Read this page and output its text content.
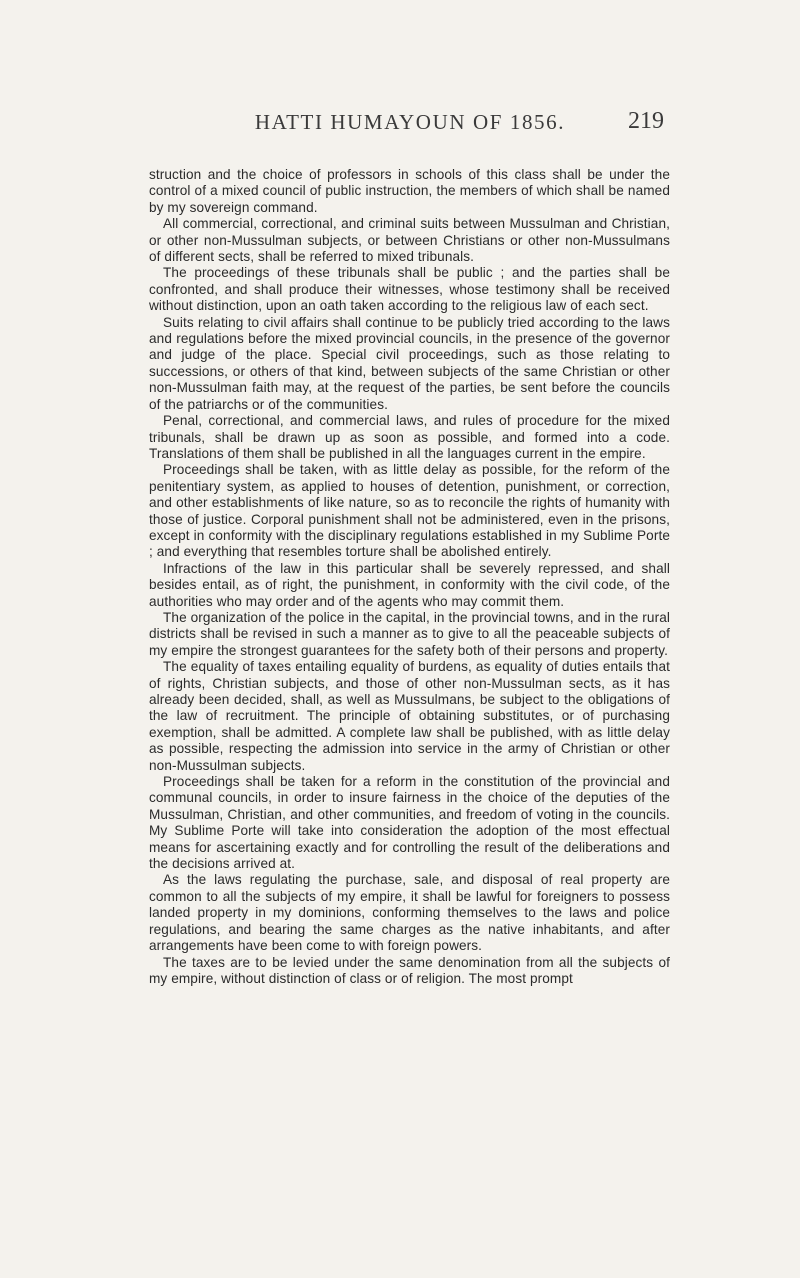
HATTI HUMAYOUN OF 1856.	219

struction and the choice of professors in schools of this class shall be under the control of a mixed council of public instruction, the members of which shall be named by my sovereign command.

All commercial, correctional, and criminal suits between Mussulman and Christian, or other non-Mussulman subjects, or between Christians or other non-Mussulmans of different sects, shall be referred to mixed tribunals.

The proceedings of these tribunals shall be public ; and the parties shall be confronted, and shall produce their witnesses, whose testimony shall be received without distinction, upon an oath taken according to the religious law of each sect.

Suits relating to civil affairs shall continue to be publicly tried according to the laws and regulations before the mixed provincial councils, in the presence of the governor and judge of the place. Special civil proceedings, such as those relating to successions, or others of that kind, between subjects of the same Christian or other non-Mussulman faith may, at the request of the parties, be sent before the councils of the patriarchs or of the communities.

Penal, correctional, and commercial laws, and rules of procedure for the mixed tribunals, shall be drawn up as soon as possible, and formed into a code. Translations of them shall be published in all the languages current in the empire.

Proceedings shall be taken, with as little delay as possible, for the reform of the penitentiary system, as applied to houses of detention, punishment, or correction, and other establishments of like nature, so as to reconcile the rights of humanity with those of justice. Corporal punishment shall not be administered, even in the prisons, except in conformity with the disciplinary regulations established in my Sublime Porte ; and everything that resembles torture shall be abolished entirely.

Infractions of the law in this particular shall be severely repressed, and shall besides entail, as of right, the punishment, in conformity with the civil code, of the authorities who may order and of the agents who may commit them.

The organization of the police in the capital, in the provincial towns, and in the rural districts shall be revised in such a manner as to give to all the peaceable subjects of my empire the strongest guarantees for the safety both of their persons and property.

The equality of taxes entailing equality of burdens, as equality of duties entails that of rights, Christian subjects, and those of other non-Mussulman sects, as it has already been decided, shall, as well as Mussulmans, be subject to the obligations of the law of recruitment. The principle of obtaining substitutes, or of purchasing exemption, shall be admitted. A complete law shall be published, with as little delay as possible, respecting the admission into service in the army of Christian or other non-Mussulman subjects.

Proceedings shall be taken for a reform in the constitution of the provincial and communal councils, in order to insure fairness in the choice of the deputies of the Mussulman, Christian, and other communities, and freedom of voting in the councils. My Sublime Porte will take into consideration the adoption of the most effectual means for ascertaining exactly and for controlling the result of the deliberations and the decisions arrived at.

As the laws regulating the purchase, sale, and disposal of real property are common to all the subjects of my empire, it shall be lawful for foreigners to possess landed property in my dominions, conforming themselves to the laws and police regulations, and bearing the same charges as the native inhabitants, and after arrangements have been come to with foreign powers.

The taxes are to be levied under the same denomination from all the subjects of my empire, without distinction of class or of religion. The most prompt
